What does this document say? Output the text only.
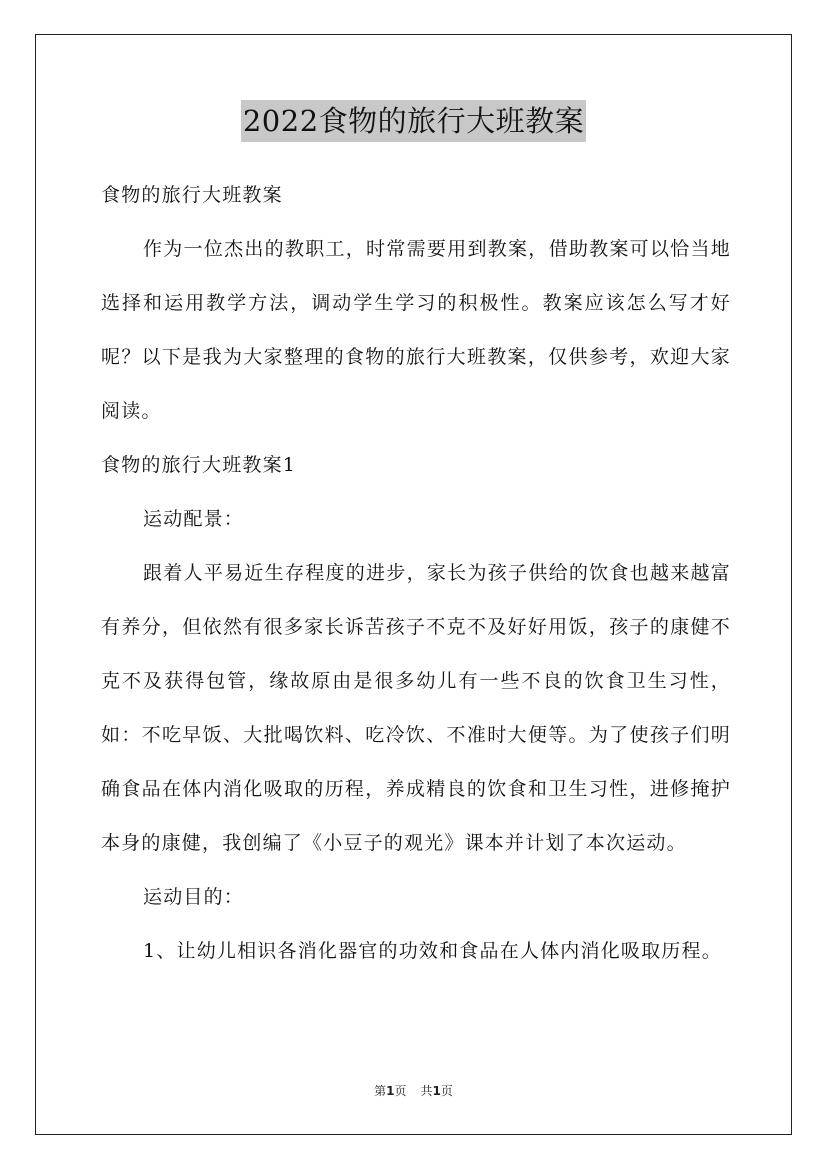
2022食物的旅行大班教案

食物的旅行大班教案

作为一位杰出的教职工，时常需要用到教案，借助教案可以恰当地选择和运用教学方法，调动学生学习的积极性。教案应该怎么写才好呢？以下是我为大家整理的食物的旅行大班教案，仅供参考，欢迎大家阅读。

食物的旅行大班教案1

运动配景：

跟着人平易近生存程度的进步，家长为孩子供给的饮食也越来越富有养分，但依然有很多家长诉苦孩子不克不及好好用饭，孩子的康健不克不及获得包管，缘故原由是很多幼儿有一些不良的饮食卫生习性，如：不吃早饭、大批喝饮料、吃冷饮、不准时大便等。为了使孩子们明确食品在体内消化吸取的历程，养成精良的饮食和卫生习性，进修掩护本身的康健，我创编了《小豆子的观光》课本并计划了本次运动。

运动目的：

1、让幼儿相识各消化器官的功效和食品在人体内消化吸取历程。

第1页 共1页
